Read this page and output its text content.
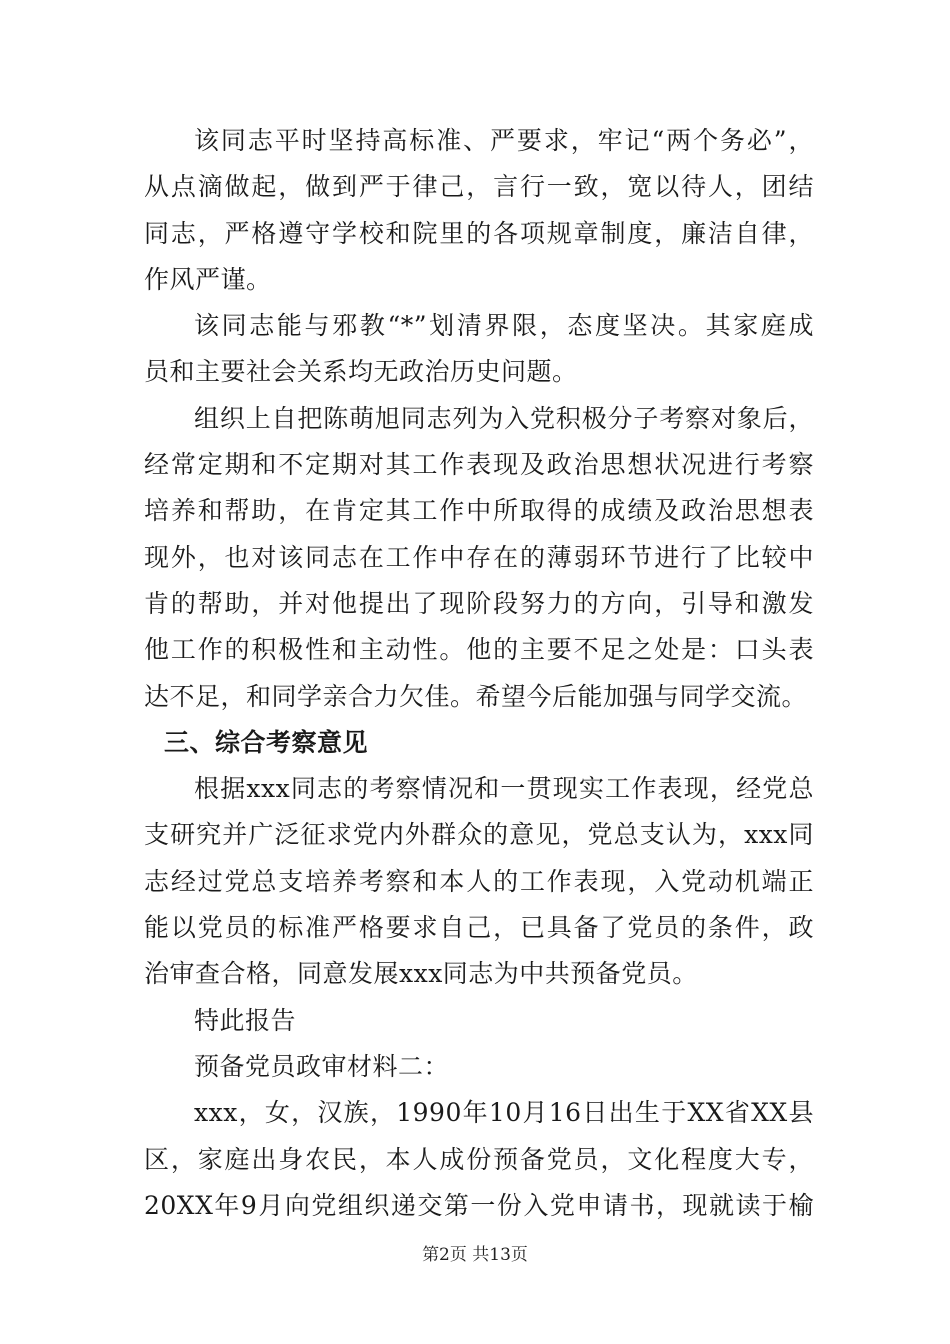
该同志平时坚持高标准、严要求，牢记“两个务必”，
从点滴做起，做到严于律己，言行一致，宽以待人，团结
同志，严格遵守学校和院里的各项规章制度，廉洁自律，
作风严谨。
该同志能与邪教“*”划清界限，态度坚决。其家庭成
员和主要社会关系均无政治历史问题。
组织上自把陈萌旭同志列为入党积极分子考察对象后，
经常定期和不定期对其工作表现及政治思想状况进行考察
培养和帮助，在肯定其工作中所取得的成绩及政治思想表
现外，也对该同志在工作中存在的薄弱环节进行了比较中
肯的帮助，并对他提出了现阶段努力的方向，引导和激发
他工作的积极性和主动性。他的主要不足之处是：口头表
达不足，和同学亲合力欠佳。希望今后能加强与同学交流。
三、综合考察意见
根据xxx同志的考察情况和一贯现实工作表现，经党总
支研究并广泛征求党内外群众的意见，党总支认为，xxx同
志经过党总支培养考察和本人的工作表现，入党动机端正
能以党员的标准严格要求自己，已具备了党员的条件，政
治审查合格，同意发展xxx同志为中共预备党员。
特此报告
预备党员政审材料二：
xxx，女，汉族，1990年10月16日出生于XX省XX县
区，家庭出身农民，本人成份预备党员，文化程度大专，
20XX年9月向党组织递交第一份入党申请书，现就读于榆
第2页 共13页
